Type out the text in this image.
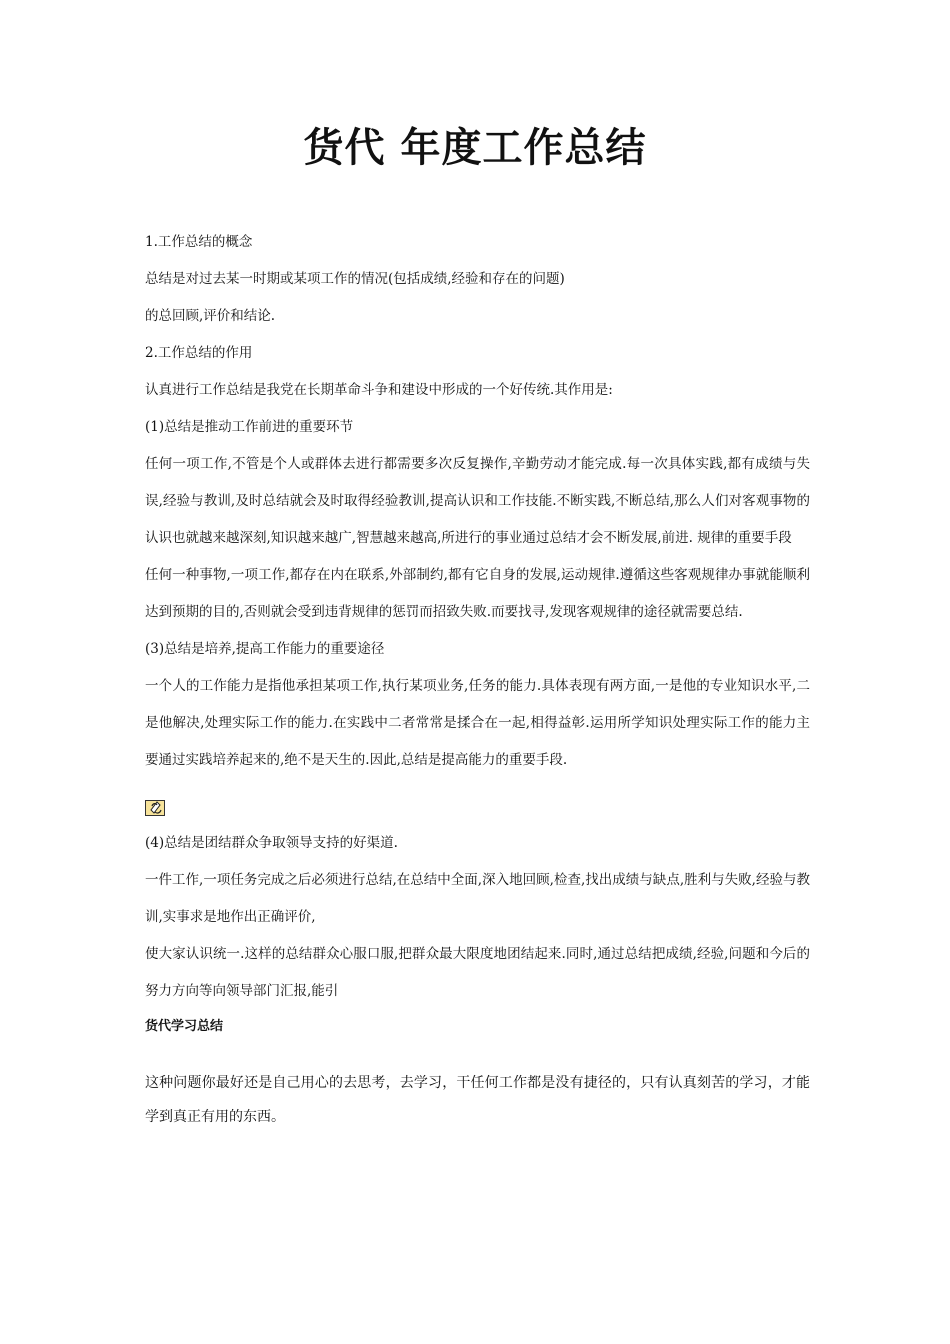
货代 年度工作总结
1.工作总结的概念
总结是对过去某一时期或某项工作的情况(包括成绩,经验和存在的问题)
的总回顾,评价和结论.
2.工作总结的作用
认真进行工作总结是我党在长期革命斗争和建设中形成的一个好传统.其作用是:
(1)总结是推动工作前进的重要环节
任何一项工作,不管是个人或群体去进行都需要多次反复操作,辛勤劳动才能完成.每一次具体实践,都有成绩与失误,经验与教训,及时总结就会及时取得经验教训,提高认识和工作技能.不断实践,不断总结,那么人们对客观事物的认识也就越来越深刻,知识越来越广,智慧越来越高,所进行的事业通过总结才会不断发展,前进. 规律的重要手段
任何一种事物,一项工作,都存在内在联系,外部制约,都有它自身的发展,运动规律.遵循这些客观规律办事就能顺利达到预期的目的,否则就会受到违背规律的惩罚而招致失败.而要找寻,发现客观规律的途径就需要总结.
(3)总结是培养,提高工作能力的重要途径
一个人的工作能力是指他承担某项工作,执行某项业务,任务的能力.具体表现有两方面,一是他的专业知识水平,二是他解决,处理实际工作的能力.在实践中二者常常是揉合在一起,相得益彰.运用所学知识处理实际工作的能力主要通过实践培养起来的,绝不是天生的.因此,总结是提高能力的重要手段.
(4)总结是团结群众争取领导支持的好渠道.
一件工作,一项任务完成之后必须进行总结,在总结中全面,深入地回顾,检查,找出成绩与缺点,胜利与失败,经验与教训,实事求是地作出正确评价,
使大家认识统一.这样的总结群众心服口服,把群众最大限度地团结起来.同时,通过总结把成绩,经验,问题和今后的努力方向等向领导部门汇报,能引
货代学习总结
这种问题你最好还是自己用心的去思考，去学习，干任何工作都是没有捷径的，只有认真刻苦的学习，才能学到真正有用的东西。
